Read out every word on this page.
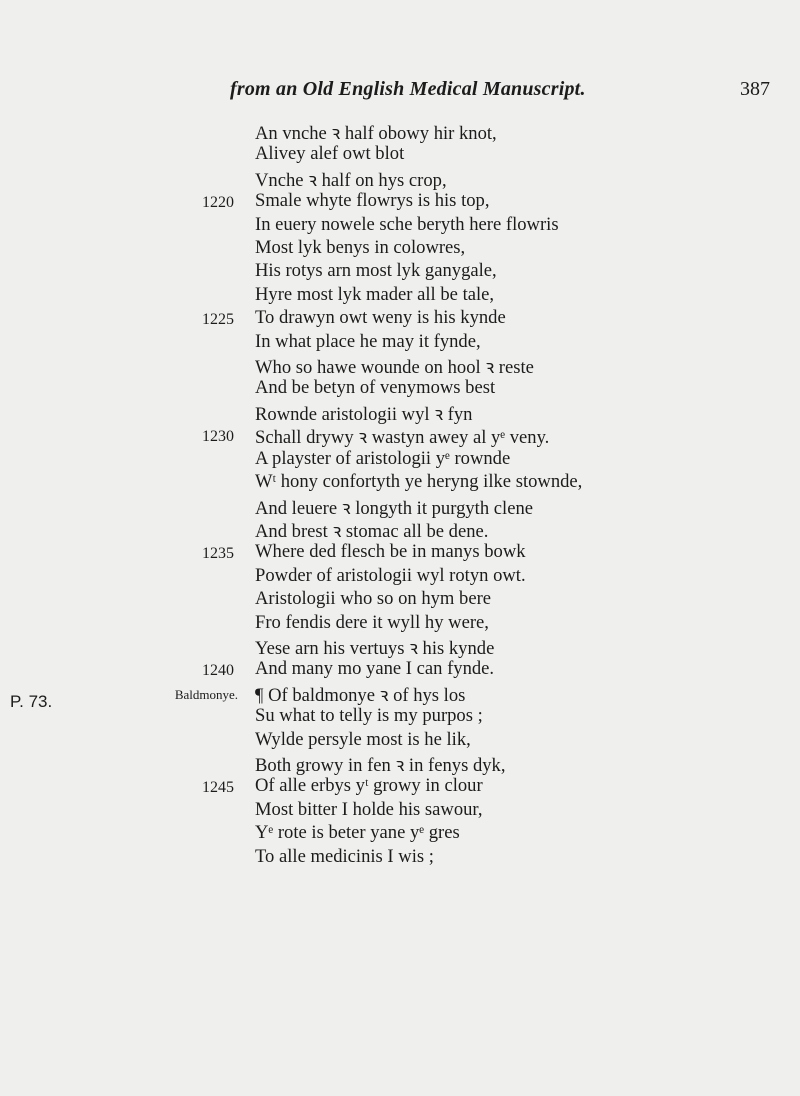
from an Old English Medical Manuscript.	387
P. 73.
An vnche ꝛ half obowy hir knot,
Alivey alef owt blot
Vnche ꝛ half on hys crop,
1220 Smale whyte flowrys is his top,
In euery nowele sche beryth here flowris
Most lyk benys in colowres,
His rotys arn most lyk ganygale,
Hyre most lyk mader all be tale,
1225 To drawyn owt weny is his kynde
In what place he may it fynde,
Who so hawe wounde on hool ꝛ reste
And be betyn of venymows best
Rownde aristologii wyl ꝛ fyn
1230 Schall drywy ꝛ wastyn awey al yᵉ veny.
A playster of aristologii yᵉ rownde
Wᵗ hony confortyth ye heryng ilke stownde,
And leuere ꝛ longyth it purgyth clene
And brest ꝛ stomac all be dene.
1235 Where ded flesch be in manys bowk
Powder of aristologii wyl rotyn owt.
Aristologii who so on hym bere
Fro fendis dere it wyll hy were,
Yese arn his vertuys ꝛ his kynde
1240 And many mo yane I can fynde.
Baldmonye. ¶ Of baldmonye ꝛ of hys los
Su what to telly is my purpos ;
Wylde persyle most is he lik,
Both growy in fen ꝛ in fenys dyk,
1245 Of alle erbys yᵗ growy in clour
Most bitter I holde his sawour,
Yᵉ rote is beter yane yᵉ gres
To alle medicinis I wis ;
